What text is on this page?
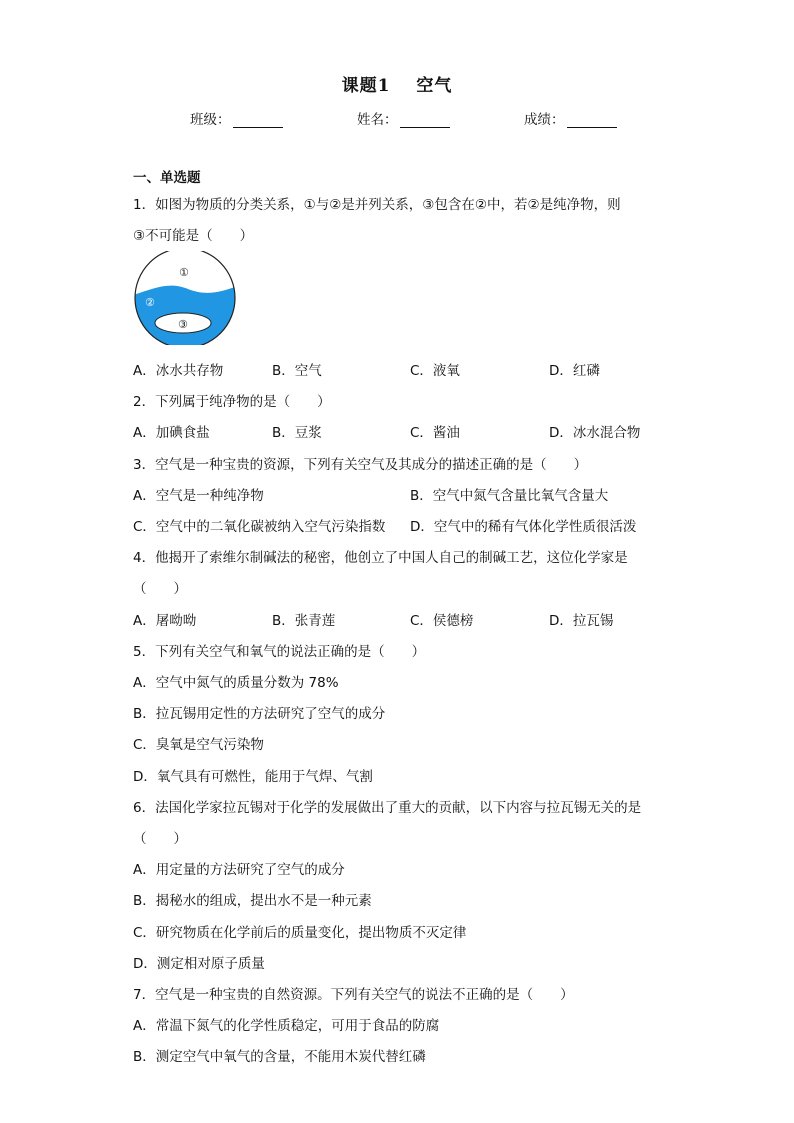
课题1 空气
班级：	姓名：	成绩：
一、单选题
1．如图为物质的分类关系，①与②是并列关系，③包含在②中，若②是纯净物，则
③不可能是（　　）
①
②
③
A．冰水共存物	B．空气	C．液氧	D．红磷
2．下列属于纯净物的是（　　）
A．加碘食盐	B．豆浆	C．酱油	D．冰水混合物
3．空气是一种宝贵的资源，下列有关空气及其成分的描述正确的是（　　）
A．空气是一种纯净物	B．空气中氮气含量比氧气含量大
C．空气中的二氧化碳被纳入空气污染指数 D．空气中的稀有气体化学性质很活泼
4．他揭开了索维尔制碱法的秘密，他创立了中国人自己的制碱工艺，这位化学家是
（　　）
A．屠呦呦	B．张青莲	C．侯德榜	D．拉瓦锡
5．下列有关空气和氧气的说法正确的是（　　）
A．空气中氮气的质量分数为 78%
B．拉瓦锡用定性的方法研究了空气的成分
C．臭氧是空气污染物
D．氧气具有可燃性，能用于气焊、气割
6．法国化学家拉瓦锡对于化学的发展做出了重大的贡献，以下内容与拉瓦锡无关的是
（　　）
A．用定量的方法研究了空气的成分
B．揭秘水的组成，提出水不是一种元素
C．研究物质在化学前后的质量变化，提出物质不灭定律
D．测定相对原子质量
7．空气是一种宝贵的自然资源。下列有关空气的说法不正确的是（　　）
A．常温下氮气的化学性质稳定，可用于食品的防腐
B．测定空气中氧气的含量，不能用木炭代替红磷
